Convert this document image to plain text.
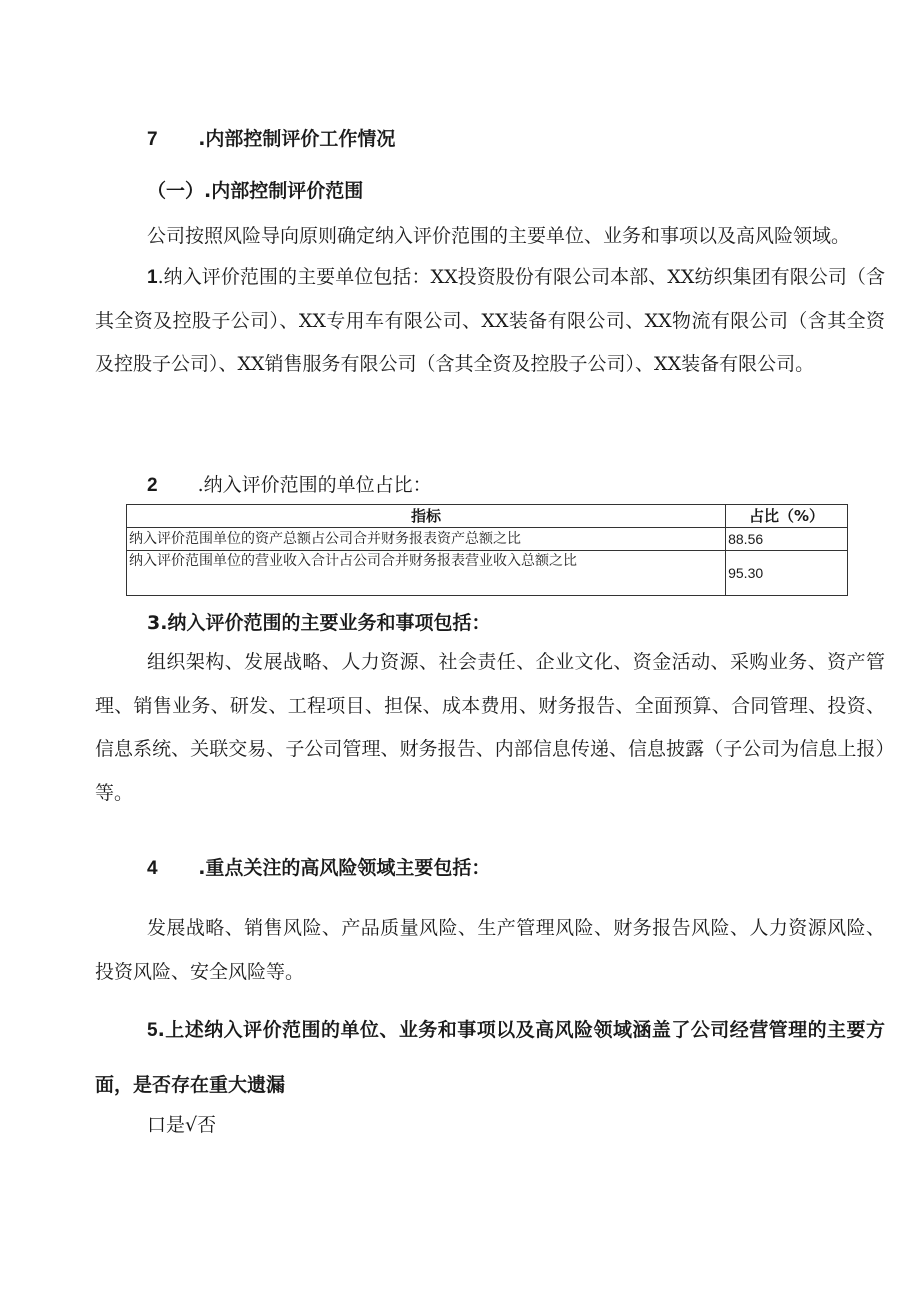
7 .内部控制评价工作情况
（一）.内部控制评价范围
公司按照风险导向原则确定纳入评价范围的主要单位、业务和事项以及高风险领域。
1.纳入评价范围的主要单位包括：XX投资股份有限公司本部、XX纺织集团有限公司（含其全资及控股子公司）、XX专用车有限公司、XX装备有限公司、XX物流有限公司（含其全资及控股子公司）、XX销售服务有限公司（含其全资及控股子公司）、XX装备有限公司。
2 .纳入评价范围的单位占比：
指标	占比（%）
纳入评价范围单位的资产总额占公司合并财务报表资产总额之比	88.56
纳入评价范围单位的营业收入合计占公司合并财务报表营业收入总额之比	95.30
3.纳入评价范围的主要业务和事项包括：
组织架构、发展战略、人力资源、社会责任、企业文化、资金活动、采购业务、资产管理、销售业务、研发、工程项目、担保、成本费用、财务报告、全面预算、合同管理、投资、信息系统、关联交易、子公司管理、财务报告、内部信息传递、信息披露（子公司为信息上报）等。
4 .重点关注的高风险领域主要包括：
发展战略、销售风险、产品质量风险、生产管理风险、财务报告风险、人力资源风险、投资风险、安全风险等。
5.上述纳入评价范围的单位、业务和事项以及高风险领域涵盖了公司经营管理的主要方面，是否存在重大遗漏
口是√否
